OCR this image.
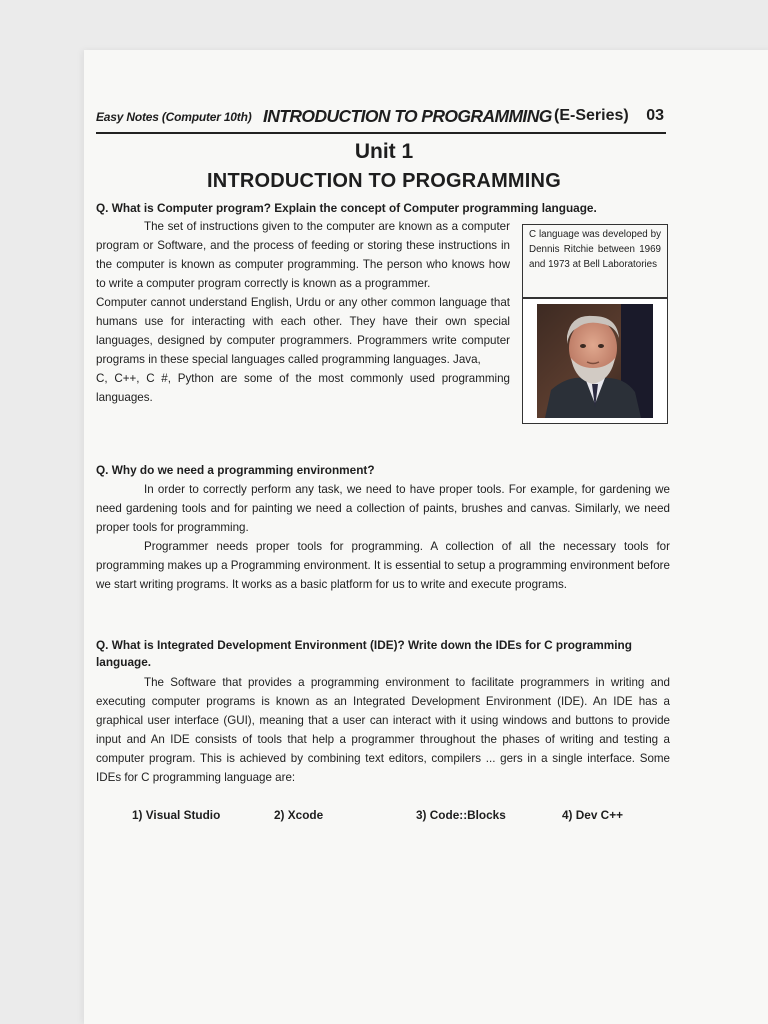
Easy Notes (Computer 10th) INTRODUCTION TO PROGRAMMING (E-Series) 03
Unit 1
INTRODUCTION TO PROGRAMMING
Q. What is Computer program? Explain the concept of Computer programming language.

The set of instructions given to the computer are known as a computer program or Software, and the process of feeding or storing these instructions in the computer is known as computer programming. The person who knows how to write a computer program correctly is known as a programmer.

Computer cannot understand English, Urdu or any other common language that humans use for interacting with each other. They have their own special languages, designed by computer programmers. Programmers write computer programs in these special languages called programming languages. Java,

C, C++, C #, Python are some of the most commonly used programming languages.

C language was developed by Dennis Ritchie between 1969 and 1973 at Bell Laboratories
Q. Why do we need a programming environment?

In order to correctly perform any task, we need to have proper tools. For example, for gardening we need gardening tools and for painting we need a collection of paints, brushes and canvas. Similarly, we need proper tools for programming.

Programmer needs proper tools for programming. A collection of all the necessary tools for programming makes up a Programming environment. It is essential to setup a programming environment before we start writing programs. It works as a basic platform for us to write and execute programs.

Q. What is Integrated Development Environment (IDE)? Write down the IDEs for C programming language.

The Software that provides a programming environment to facilitate programmers in writing and executing computer programs is known as an Integrated Development Environment (IDE). An IDE has a graphical user interface (GUI), meaning that a user can interact with it using windows and buttons to provide input and An IDE consists of tools that help a programmer throughout the phases of writing and testing a computer program. This is achieved by combining text editors, compilers ... gers in a single interface. Some IDEs for C programming language are:

1) Visual Studio	2) Xcode	3) Code::Blocks	4) Dev C++
